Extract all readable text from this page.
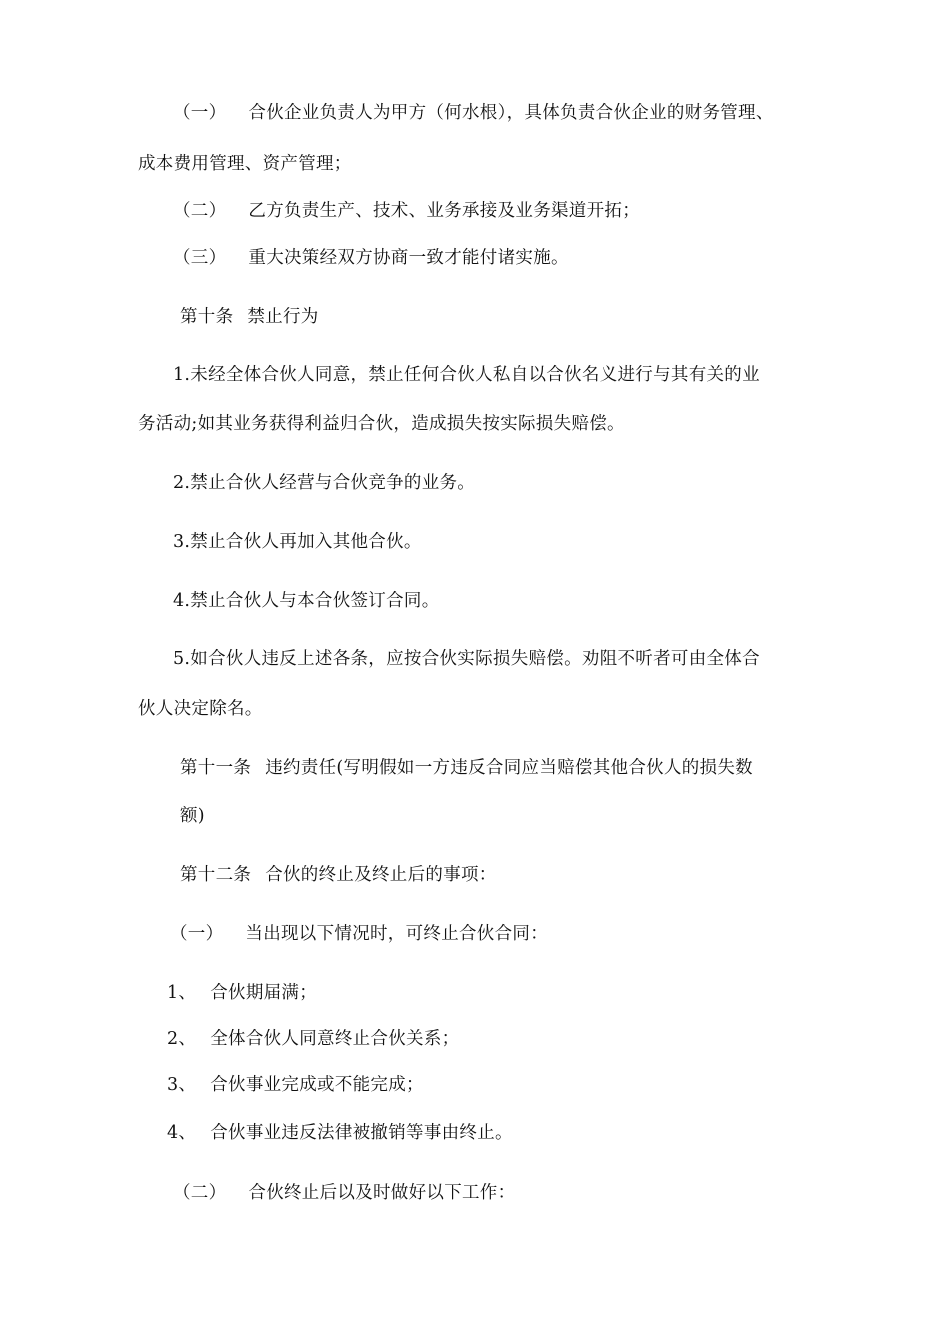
（一） 合伙企业负责人为甲方（何水根），具体负责合伙企业的财务管理、
成本费用管理、资产管理；
（二） 乙方负责生产、技术、业务承接及业务渠道开拓；
（三） 重大决策经双方协商一致才能付诸实施。
第十条 禁止行为
1.未经全体合伙人同意，禁止任何合伙人私自以合伙名义进行与其有关的业
务活动;如其业务获得利益归合伙，造成损失按实际损失赔偿。
2.禁止合伙人经营与合伙竞争的业务。
3.禁止合伙人再加入其他合伙。
4.禁止合伙人与本合伙签订合同。
5.如合伙人违反上述各条，应按合伙实际损失赔偿。劝阻不听者可由全体合
伙人决定除名。
第十一条 违约责任(写明假如一方违反合同应当赔偿其他合伙人的损失数
额)
第十二条 合伙的终止及终止后的事项：
（一） 当出现以下情况时，可终止合伙合同：
1、 合伙期届满；
2、 全体合伙人同意终止合伙关系；
3、 合伙事业完成或不能完成；
4、 合伙事业违反法律被撤销等事由终止。
（二） 合伙终止后以及时做好以下工作：
